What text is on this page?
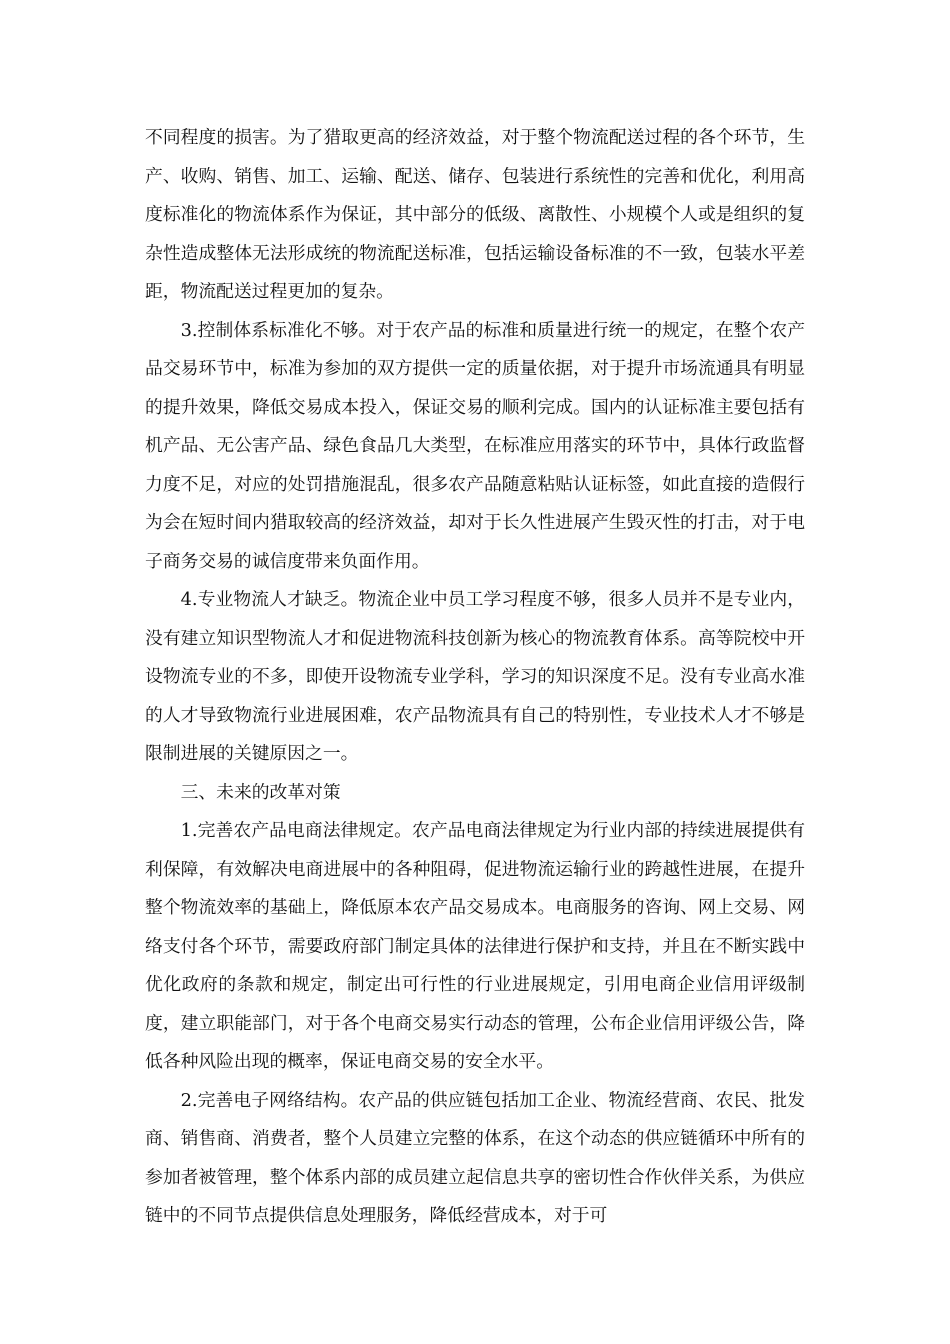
不同程度的损害。为了猎取更高的经济效益，对于整个物流配送过程的各个环节，生产、收购、销售、加工、运输、配送、储存、包装进行系统性的完善和优化，利用高度标准化的物流体系作为保证，其中部分的低级、离散性、小规模个人或是组织的复杂性造成整体无法形成统的物流配送标准，包括运输设备标准的不一致，包装水平差距，物流配送过程更加的复杂。

3.控制体系标准化不够。对于农产品的标准和质量进行统一的规定，在整个农产品交易环节中，标准为参加的双方提供一定的质量依据，对于提升市场流通具有明显的提升效果，降低交易成本投入，保证交易的顺利完成。国内的认证标准主要包括有机产品、无公害产品、绿色食品几大类型，在标准应用落实的环节中，具体行政监督力度不足，对应的处罚措施混乱，很多农产品随意粘贴认证标签，如此直接的造假行为会在短时间内猎取较高的经济效益，却对于长久性进展产生毁灭性的打击，对于电子商务交易的诚信度带来负面作用。

4.专业物流人才缺乏。物流企业中员工学习程度不够，很多人员并不是专业内，没有建立知识型物流人才和促进物流科技创新为核心的物流教育体系。高等院校中开设物流专业的不多，即使开设物流专业学科，学习的知识深度不足。没有专业高水准的人才导致物流行业进展困难，农产品物流具有自己的特别性，专业技术人才不够是限制进展的关键原因之一。

三、未来的改革对策

1.完善农产品电商法律规定。农产品电商法律规定为行业内部的持续进展提供有利保障，有效解决电商进展中的各种阻碍，促进物流运输行业的跨越性进展，在提升整个物流效率的基础上，降低原本农产品交易成本。电商服务的咨询、网上交易、网络支付各个环节，需要政府部门制定具体的法律进行保护和支持，并且在不断实践中优化政府的条款和规定，制定出可行性的行业进展规定，引用电商企业信用评级制度，建立职能部门，对于各个电商交易实行动态的管理，公布企业信用评级公告，降低各种风险出现的概率，保证电商交易的安全水平。

2.完善电子网络结构。农产品的供应链包括加工企业、物流经营商、农民、批发商、销售商、消费者，整个人员建立完整的体系，在这个动态的供应链循环中所有的参加者被管理，整个体系内部的成员建立起信息共享的密切性合作伙伴关系，为供应链中的不同节点提供信息处理服务，降低经营成本，对于可
